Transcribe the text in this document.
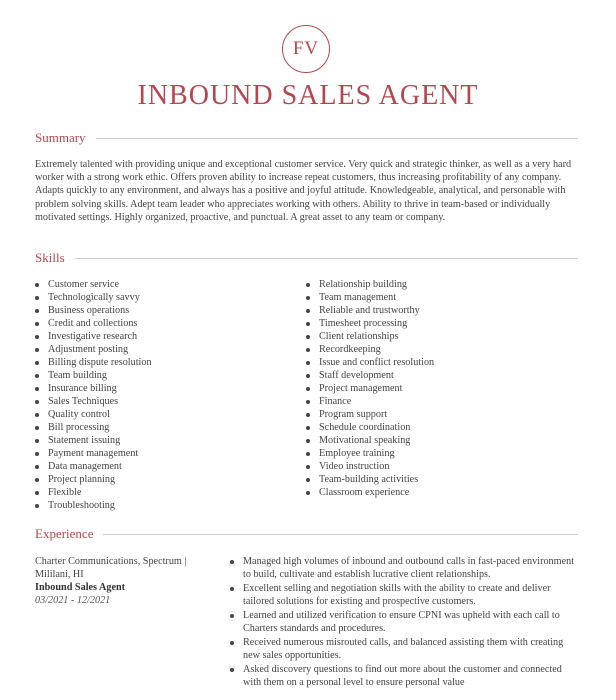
FV
INBOUND SALES AGENT
Summary
Extremely talented with providing unique and exceptional customer service. Very quick and strategic thinker, as well as a very hard worker with a strong work ethic. Offers proven ability to increase repeat customers, thus increasing profitability of any company. Adapts quickly to any environment, and always has a positive and joyful attitude. Knowledgeable, analytical, and personable with problem solving skills. Adept team leader who appreciates working with others. Ability to thrive in team-based or individually motivated settings. Highly organized, proactive, and punctual. A great asset to any team or company.
Skills
Customer service
Technologically savvy
Business operations
Credit and collections
Investigative research
Adjustment posting
Billing dispute resolution
Team building
Insurance billing
Sales Techniques
Quality control
Bill processing
Statement issuing
Payment management
Data management
Project planning
Flexible
Troubleshooting
Relationship building
Team management
Reliable and trustworthy
Timesheet processing
Client relationships
Recordkeeping
Issue and conflict resolution
Staff development
Project management
Finance
Program support
Schedule coordination
Motivational speaking
Employee training
Video instruction
Team-building activities
Classroom experience
Experience
Charter Communications, Spectrum |
Mililani, HI
Inbound Sales Agent
03/2021 - 12/2021
Managed high volumes of inbound and outbound calls in fast-paced environment to build, cultivate and establish lucrative client relationships.
Excellent selling and negotiation skills with the ability to create and deliver tailored solutions for existing and prospective customers.
Learned and utilized verification to ensure CPNI was upheld with each call to Charters standards and procedures.
Received numerous misrouted calls, and balanced assisting them with creating new sales opportunities.
Asked discovery questions to find out more about the customer and connected with them on a personal level to ensure personal value
